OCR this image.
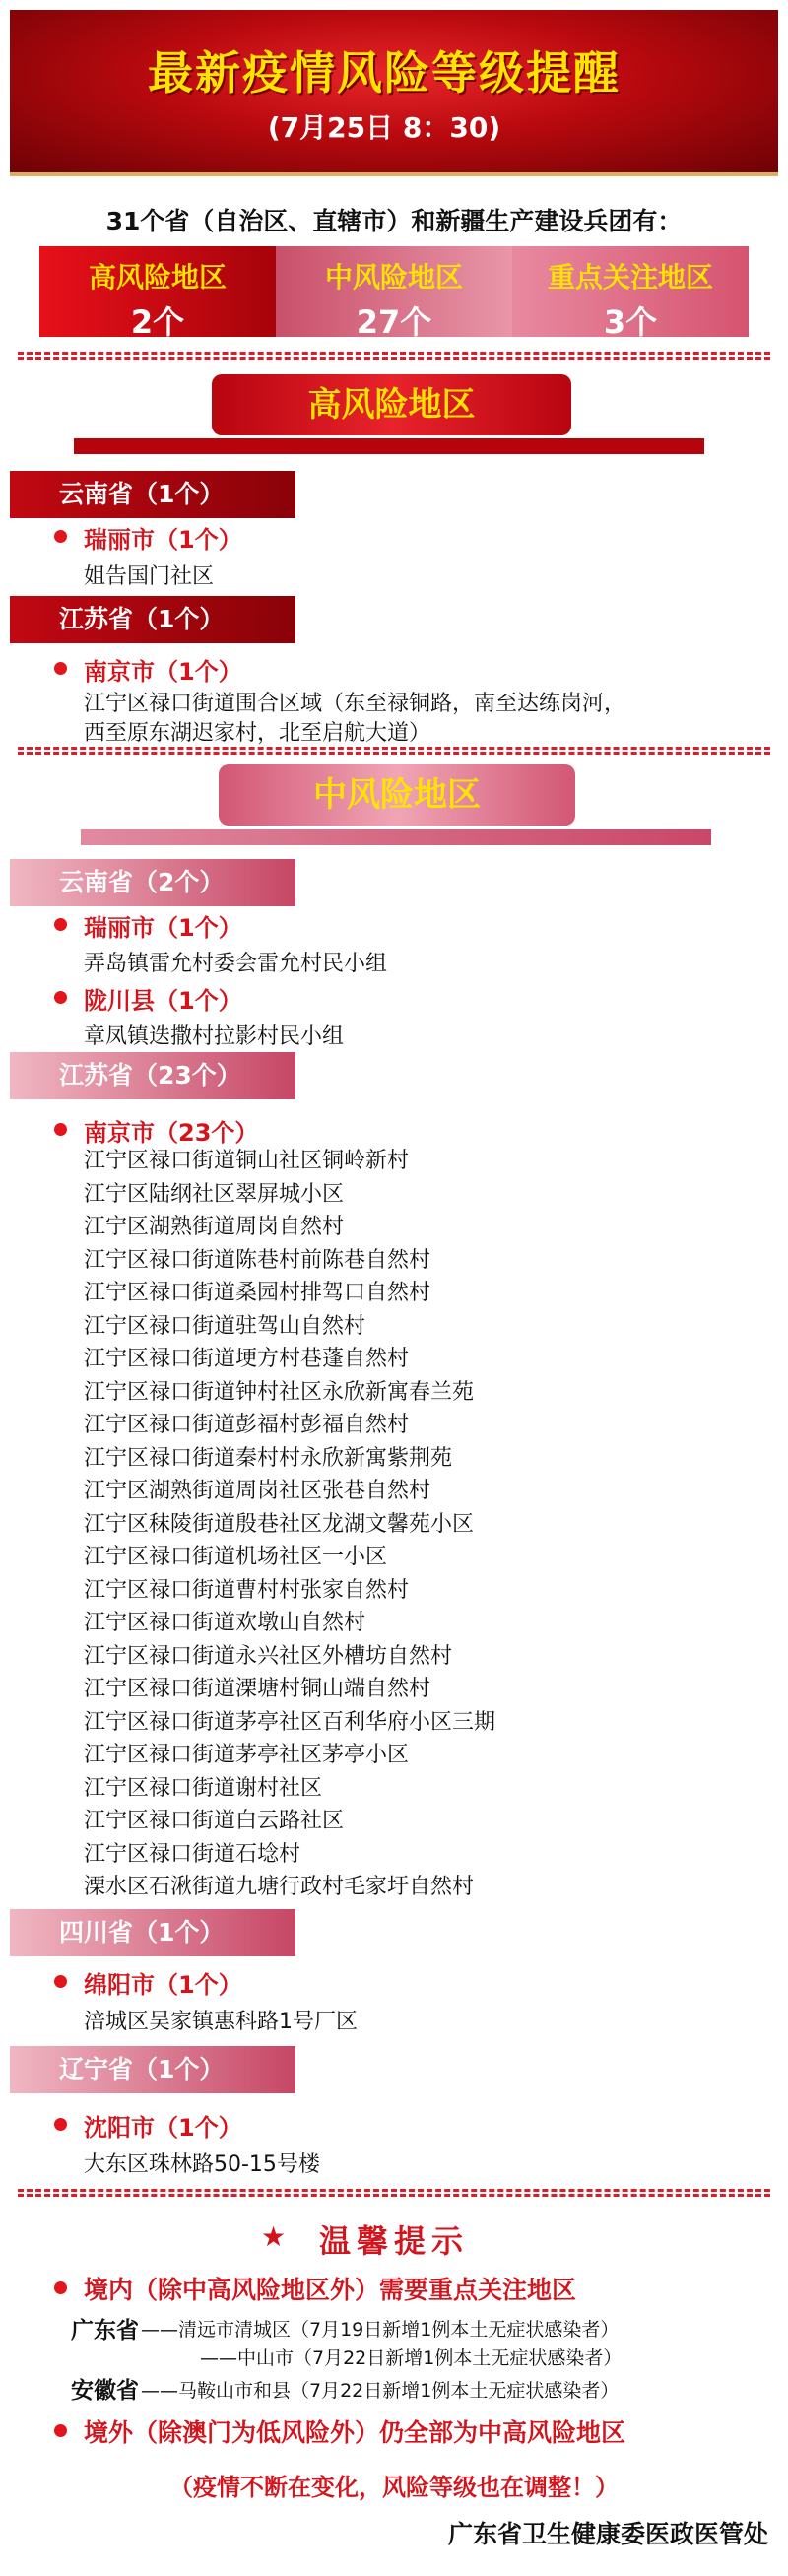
最新疫情风险等级提醒
(7月25日 8：30)
31个省（自治区、直辖市）和新疆生产建设兵团有：
高风险地区
2个
中风险地区
27个
重点关注地区
3个
高风险地区
云南省（1个）
瑞丽市（1个）
姐告国门社区
江苏省（1个）
南京市（1个）
江宁区禄口街道围合区域（东至禄铜路，南至达练岗河，
西至原东湖迟家村，北至启航大道）
中风险地区
云南省（2个）
瑞丽市（1个）
弄岛镇雷允村委会雷允村民小组
陇川县（1个）
章凤镇迭撒村拉影村民小组
江苏省（23个）
南京市（23个）
江宁区禄口街道铜山社区铜岭新村
江宁区陆纲社区翠屏城小区
江宁区湖熟街道周岗自然村
江宁区禄口街道陈巷村前陈巷自然村
江宁区禄口街道桑园村排驾口自然村
江宁区禄口街道驻驾山自然村
江宁区禄口街道埂方村巷蓬自然村
江宁区禄口街道钟村社区永欣新寓春兰苑
江宁区禄口街道彭福村彭福自然村
江宁区禄口街道秦村村永欣新寓紫荆苑
江宁区湖熟街道周岗社区张巷自然村
江宁区秣陵街道殷巷社区龙湖文馨苑小区
江宁区禄口街道机场社区一小区
江宁区禄口街道曹村村张家自然村
江宁区禄口街道欢墩山自然村
江宁区禄口街道永兴社区外槽坊自然村
江宁区禄口街道溧塘村铜山端自然村
江宁区禄口街道茅亭社区百利华府小区三期
江宁区禄口街道茅亭社区茅亭小区
江宁区禄口街道谢村社区
江宁区禄口街道白云路社区
江宁区禄口街道石埝村
溧水区石湫街道九塘行政村毛家圩自然村
四川省（1个）
绵阳市（1个）
涪城区吴家镇惠科路1号厂区
辽宁省（1个）
沈阳市（1个）
大东区珠林路50-15号楼
★	温馨提示
境内（除中高风险地区外）需要重点关注地区
广东省 ——清远市清城区（7月19日新增1例本土无症状感染者）
——中山市（7月22日新增1例本土无症状感染者）
安徽省 ——马鞍山市和县（7月22日新增1例本土无症状感染者）
境外（除澳门为低风险外）仍全部为中高风险地区
（疫情不断在变化，风险等级也在调整！）
广东省卫生健康委医政医管处
